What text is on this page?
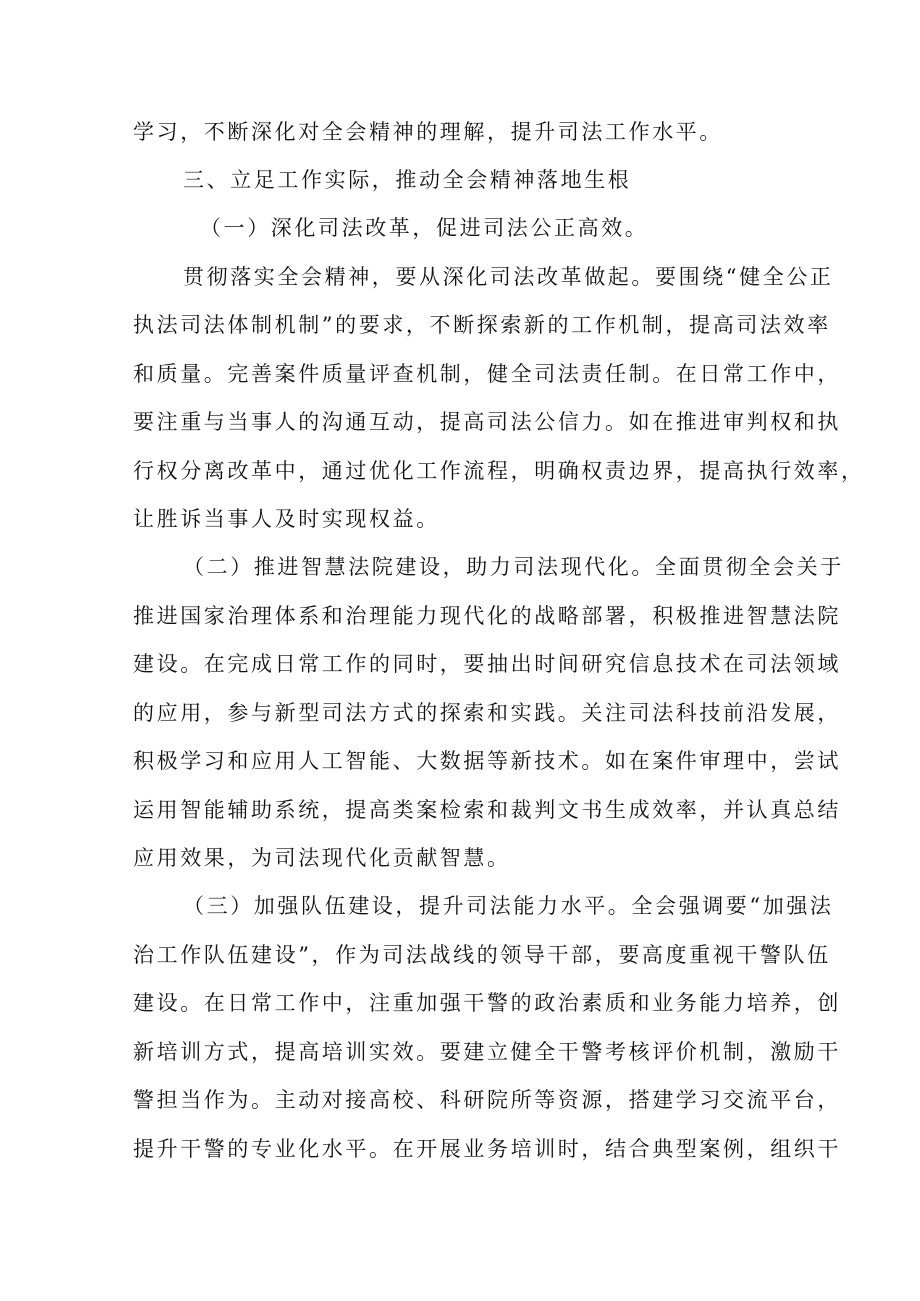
学习，不断深化对全会精神的理解，提升司法工作水平。
三、立足工作实际，推动全会精神落地生根
（一）深化司法改革，促进司法公正高效。
贯彻落实全会精神，要从深化司法改革做起。要围绕“健全公正
执法司法体制机制”的要求，不断探索新的工作机制，提高司法效率
和质量。完善案件质量评查机制，健全司法责任制。在日常工作中，
要注重与当事人的沟通互动，提高司法公信力。如在推进审判权和执
行权分离改革中，通过优化工作流程，明确权责边界，提高执行效率，
让胜诉当事人及时实现权益。
（二）推进智慧法院建设，助力司法现代化。全面贯彻全会关于
推进国家治理体系和治理能力现代化的战略部署，积极推进智慧法院
建设。在完成日常工作的同时，要抽出时间研究信息技术在司法领域
的应用，参与新型司法方式的探索和实践。关注司法科技前沿发展，
积极学习和应用人工智能、大数据等新技术。如在案件审理中，尝试
运用智能辅助系统，提高类案检索和裁判文书生成效率，并认真总结
应用效果，为司法现代化贡献智慧。
（三）加强队伍建设，提升司法能力水平。全会强调要“加强法
治工作队伍建设”，作为司法战线的领导干部，要高度重视干警队伍
建设。在日常工作中，注重加强干警的政治素质和业务能力培养，创
新培训方式，提高培训实效。要建立健全干警考核评价机制，激励干
警担当作为。主动对接高校、科研院所等资源，搭建学习交流平台，
提升干警的专业化水平。在开展业务培训时，结合典型案例，组织干
